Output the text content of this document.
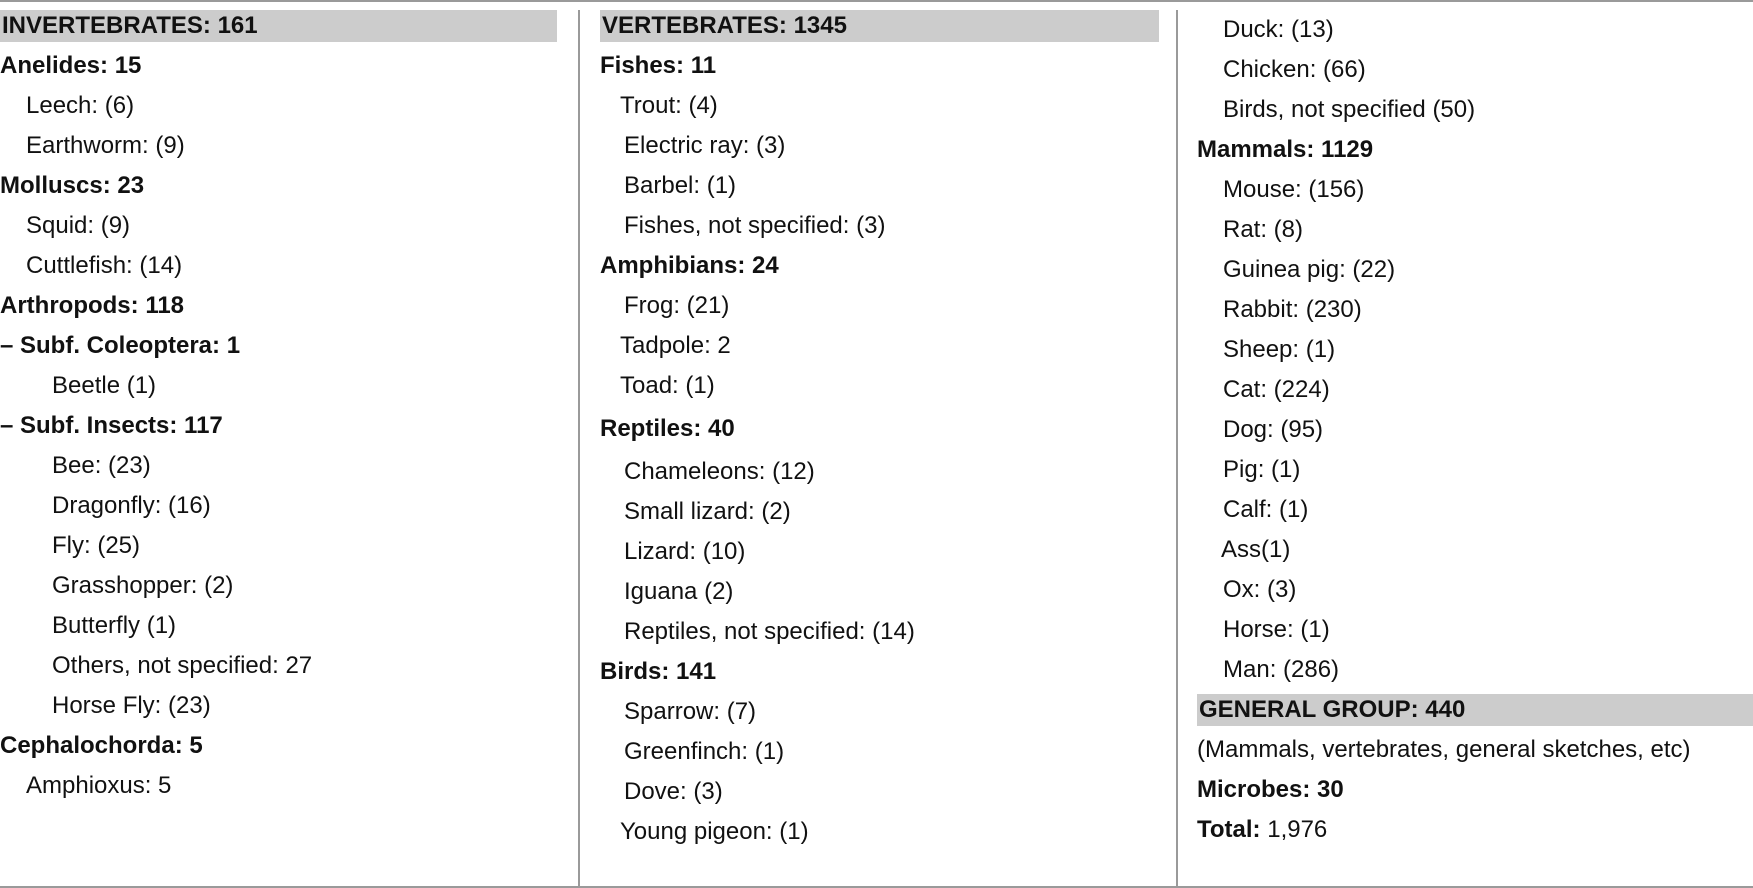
INVERTEBRATES: 161
Anelides: 15
Leech: (6)
Earthworm: (9)
Molluscs: 23
Squid: (9)
Cuttlefish: (14)
Arthropods: 118
– Subf. Coleoptera: 1
Beetle (1)
– Subf. Insects: 117
Bee: (23)
Dragonfly: (16)
Fly: (25)
Grasshopper: (2)
Butterfly (1)
Others, not specified: 27
Horse Fly: (23)
Cephalochorda: 5
Amphioxus: 5
VERTEBRATES: 1345
Fishes: 11
Trout: (4)
Electric ray: (3)
Barbel: (1)
Fishes, not specified: (3)
Amphibians: 24
Frog: (21)
Tadpole: 2
Toad: (1)
Reptiles: 40
Chameleons: (12)
Small lizard: (2)
Lizard: (10)
Iguana (2)
Reptiles, not specified: (14)
Birds: 141
Sparrow: (7)
Greenfinch: (1)
Dove: (3)
Young pigeon: (1)
Duck: (13)
Chicken: (66)
Birds, not specified (50)
Mammals: 1129
Mouse: (156)
Rat: (8)
Guinea pig: (22)
Rabbit: (230)
Sheep: (1)
Cat: (224)
Dog: (95)
Pig: (1)
Calf: (1)
Ass(1)
Ox: (3)
Horse: (1)
Man: (286)
GENERAL GROUP: 440
(Mammals, vertebrates, general sketches, etc)
Microbes: 30
Total: 1,976
